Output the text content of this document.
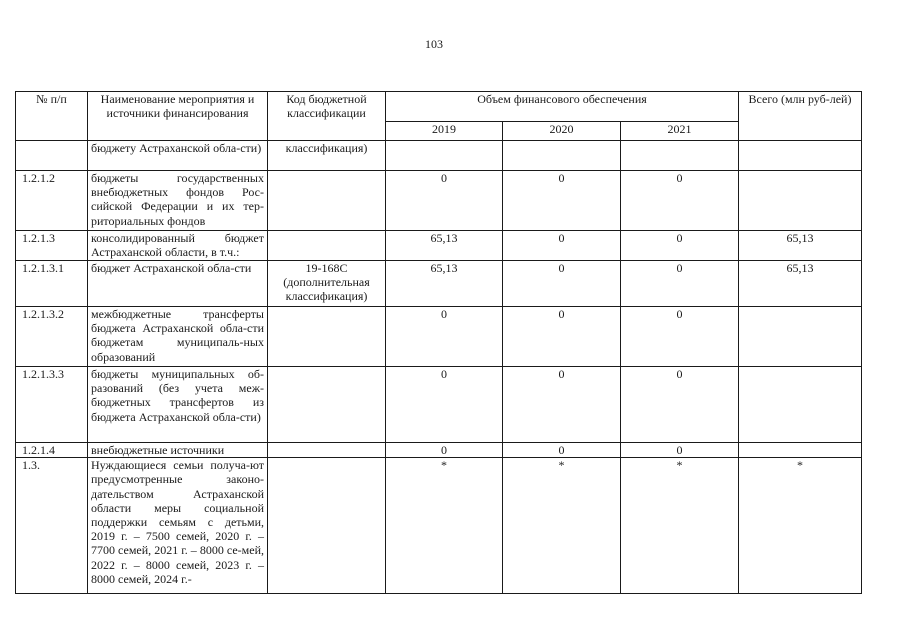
103
№ п/п	Наименование мероприятия и источники финансирования	Код бюджетной классификации	Объем финансового обеспечения			Всего (млн руб-лей)
			2019	2020	2021	
	бюджету Астраханской обла-сти)	классификация)				
1.2.1.2	бюджеты государственных внебюджетных фондов Рос-сийской Федерации и их тер-риториальных фондов		0	0	0	
1.2.1.3	консолидированный бюджет Астраханской области, в т.ч.:		65,13	0	0	65,13
1.2.1.3.1	бюджет Астраханской обла-сти	19-168С (дополнительная классификация)	65,13	0	0	65,13
1.2.1.3.2	межбюджетные трансферты бюджета Астраханской обла-сти бюджетам муниципаль-ных образований		0	0	0	
1.2.1.3.3	бюджеты муниципальных об-разований (без учета меж-бюджетных трансфертов из бюджета Астраханской обла-сти)		0	0	0	
1.2.1.4	внебюджетные источники		0	0	0	
1.3.	Нуждающиеся семьи получа-ют предусмотренные законо-дательством Астраханской области меры социальной поддержки семьям с детьми, 2019 г. – 7500 семей, 2020 г. – 7700 семей, 2021 г. – 8000 се-мей, 2022 г. – 8000 семей, 2023 г. – 8000 семей, 2024 г.-		*	*	*	*
